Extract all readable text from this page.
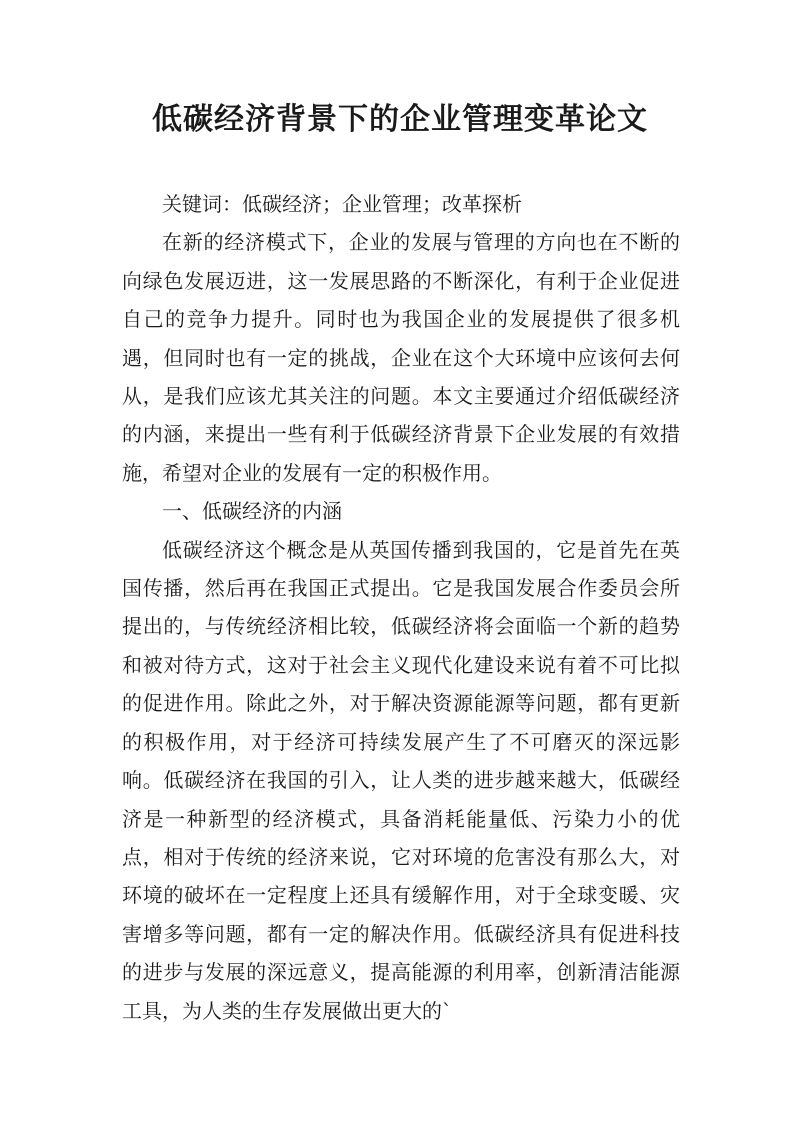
低碳经济背景下的企业管理变革论文

关键词：低碳经济；企业管理；改革探析

在新的经济模式下，企业的发展与管理的方向也在不断的向绿色发展迈进，这一发展思路的不断深化，有利于企业促进自己的竞争力提升。同时也为我国企业的发展提供了很多机遇，但同时也有一定的挑战，企业在这个大环境中应该何去何从，是我们应该尤其关注的问题。本文主要通过介绍低碳经济的内涵，来提出一些有利于低碳经济背景下企业发展的有效措施，希望对企业的发展有一定的积极作用。

一、低碳经济的内涵

低碳经济这个概念是从英国传播到我国的，它是首先在英国传播，然后再在我国正式提出。它是我国发展合作委员会所提出的，与传统经济相比较，低碳经济将会面临一个新的趋势和被对待方式，这对于社会主义现代化建设来说有着不可比拟的促进作用。除此之外，对于解决资源能源等问题，都有更新的积极作用，对于经济可持续发展产生了不可磨灭的深远影响。低碳经济在我国的引入，让人类的进步越来越大，低碳经济是一种新型的经济模式，具备消耗能量低、污染力小的优点，相对于传统的经济来说，它对环境的危害没有那么大，对环境的破坏在一定程度上还具有缓解作用，对于全球变暖、灾害增多等问题，都有一定的解决作用。低碳经济具有促进科技的进步与发展的深远意义，提高能源的利用率，创新清洁能源工具，为人类的生存发展做出更大的`
